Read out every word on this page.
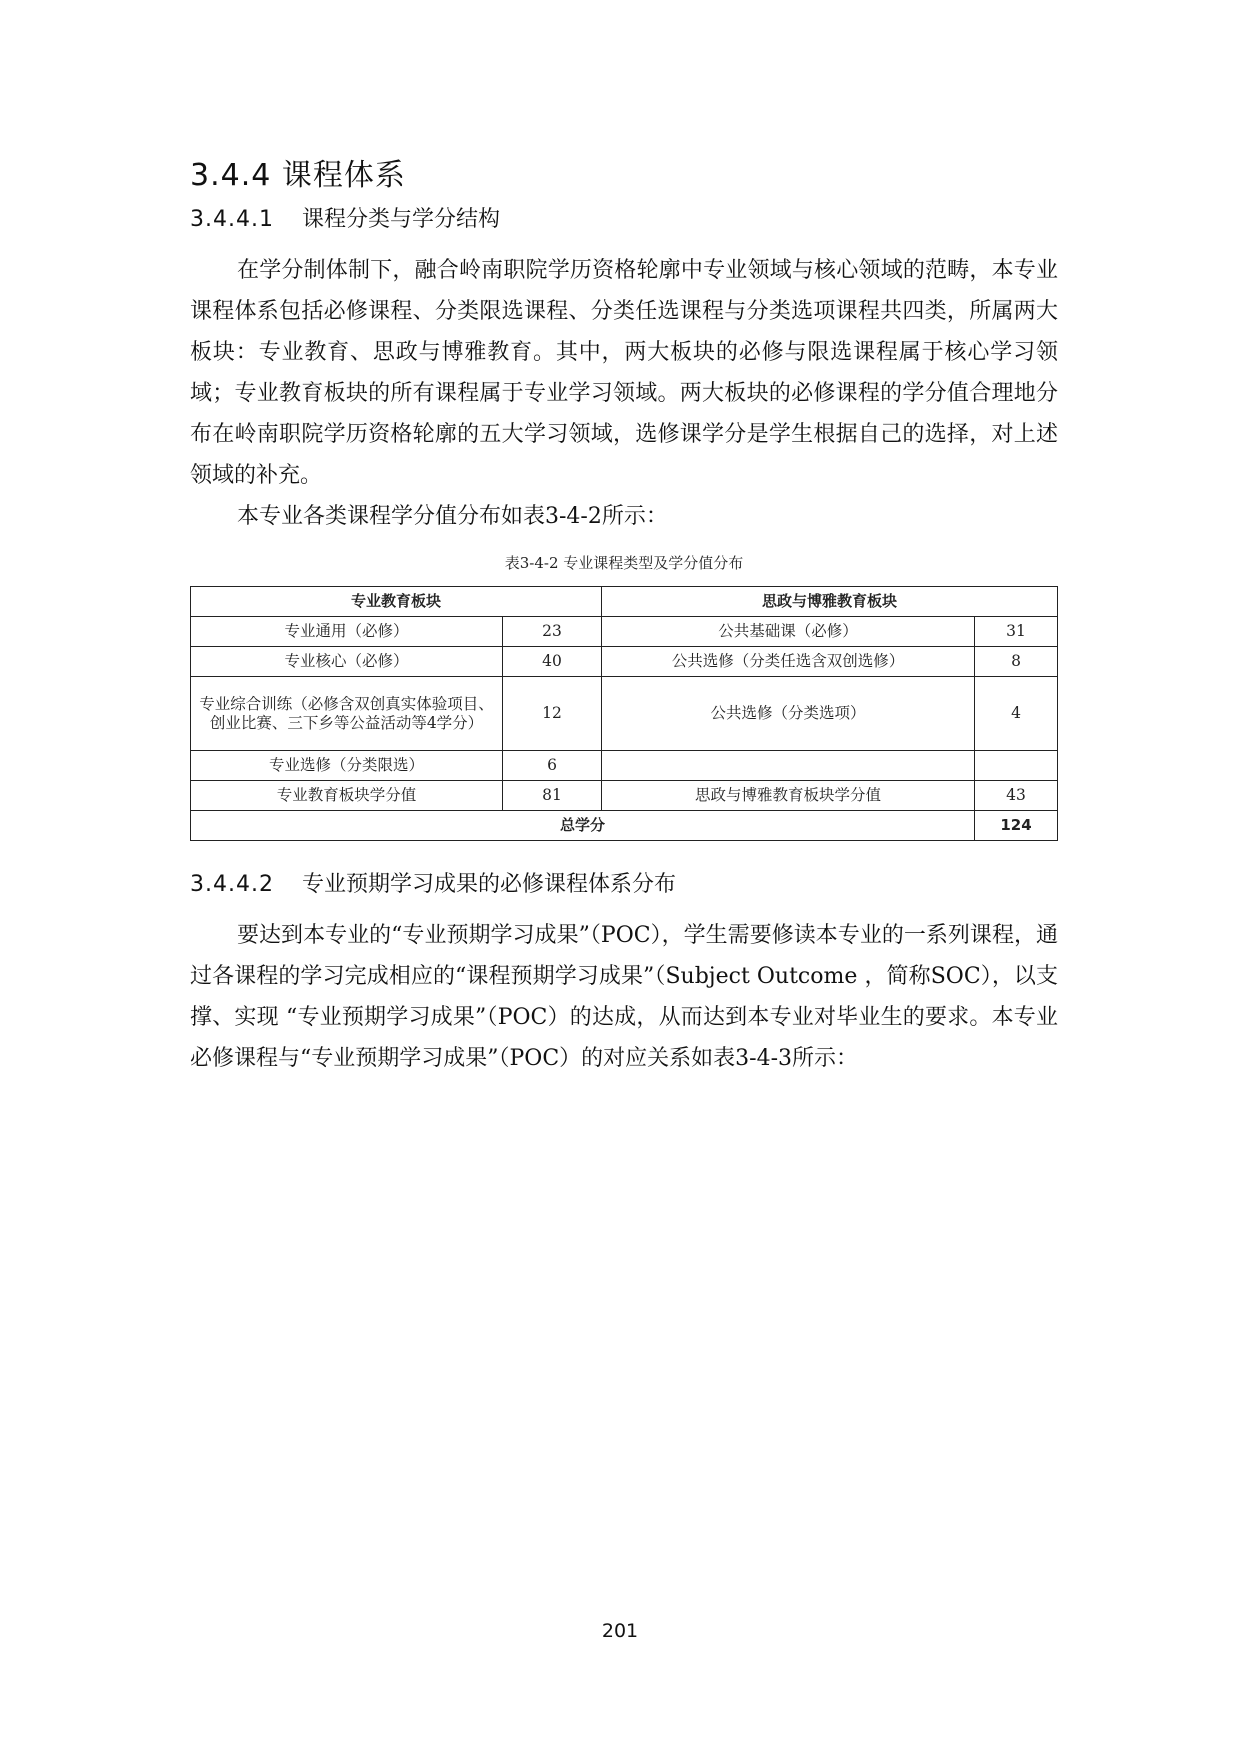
3.4.4 课程体系
3.4.4.1 课程分类与学分结构

在学分制体制下，融合岭南职院学历资格轮廓中专业领域与核心领域的范畴，本专业课程体系包括必修课程、分类限选课程、分类任选课程与分类选项课程共四类，所属两大板块：专业教育、思政与博雅教育。其中，两大板块的必修与限选课程属于核心学习领域；专业教育板块的所有课程属于专业学习领域。两大板块的必修课程的学分值合理地分布在岭南职院学历资格轮廓的五大学习领域，选修课学分是学生根据自己的选择，对上述领域的补充。

本专业各类课程学分值分布如表3-4-2所示：

表3-4-2 专业课程类型及学分值分布
专业教育板块		思政与博雅教育板块	
专业通用（必修）	23	公共基础课（必修）	31
专业核心（必修）	40	公共选修（分类任选含双创选修）	8
专业综合训练（必修含双创真实体验项目、创业比赛、三下乡等公益活动等4学分）	12	公共选修（分类选项）	4
专业选修（分类限选）	6		
专业教育板块学分值	81	思政与博雅教育板块学分值	43
总学分			124
3.4.4.2 专业预期学习成果的必修课程体系分布

要达到本专业的“专业预期学习成果”（POC），学生需要修读本专业的一系列课程，通过各课程的学习完成相应的“课程预期学习成果”（Subject Outcome ，简称SOC），以支撑、实现 “专业预期学习成果”（POC）的达成，从而达到本专业对毕业生的要求。本专业必修课程与“专业预期学习成果”（POC）的对应关系如表3-4-3所示：

201
